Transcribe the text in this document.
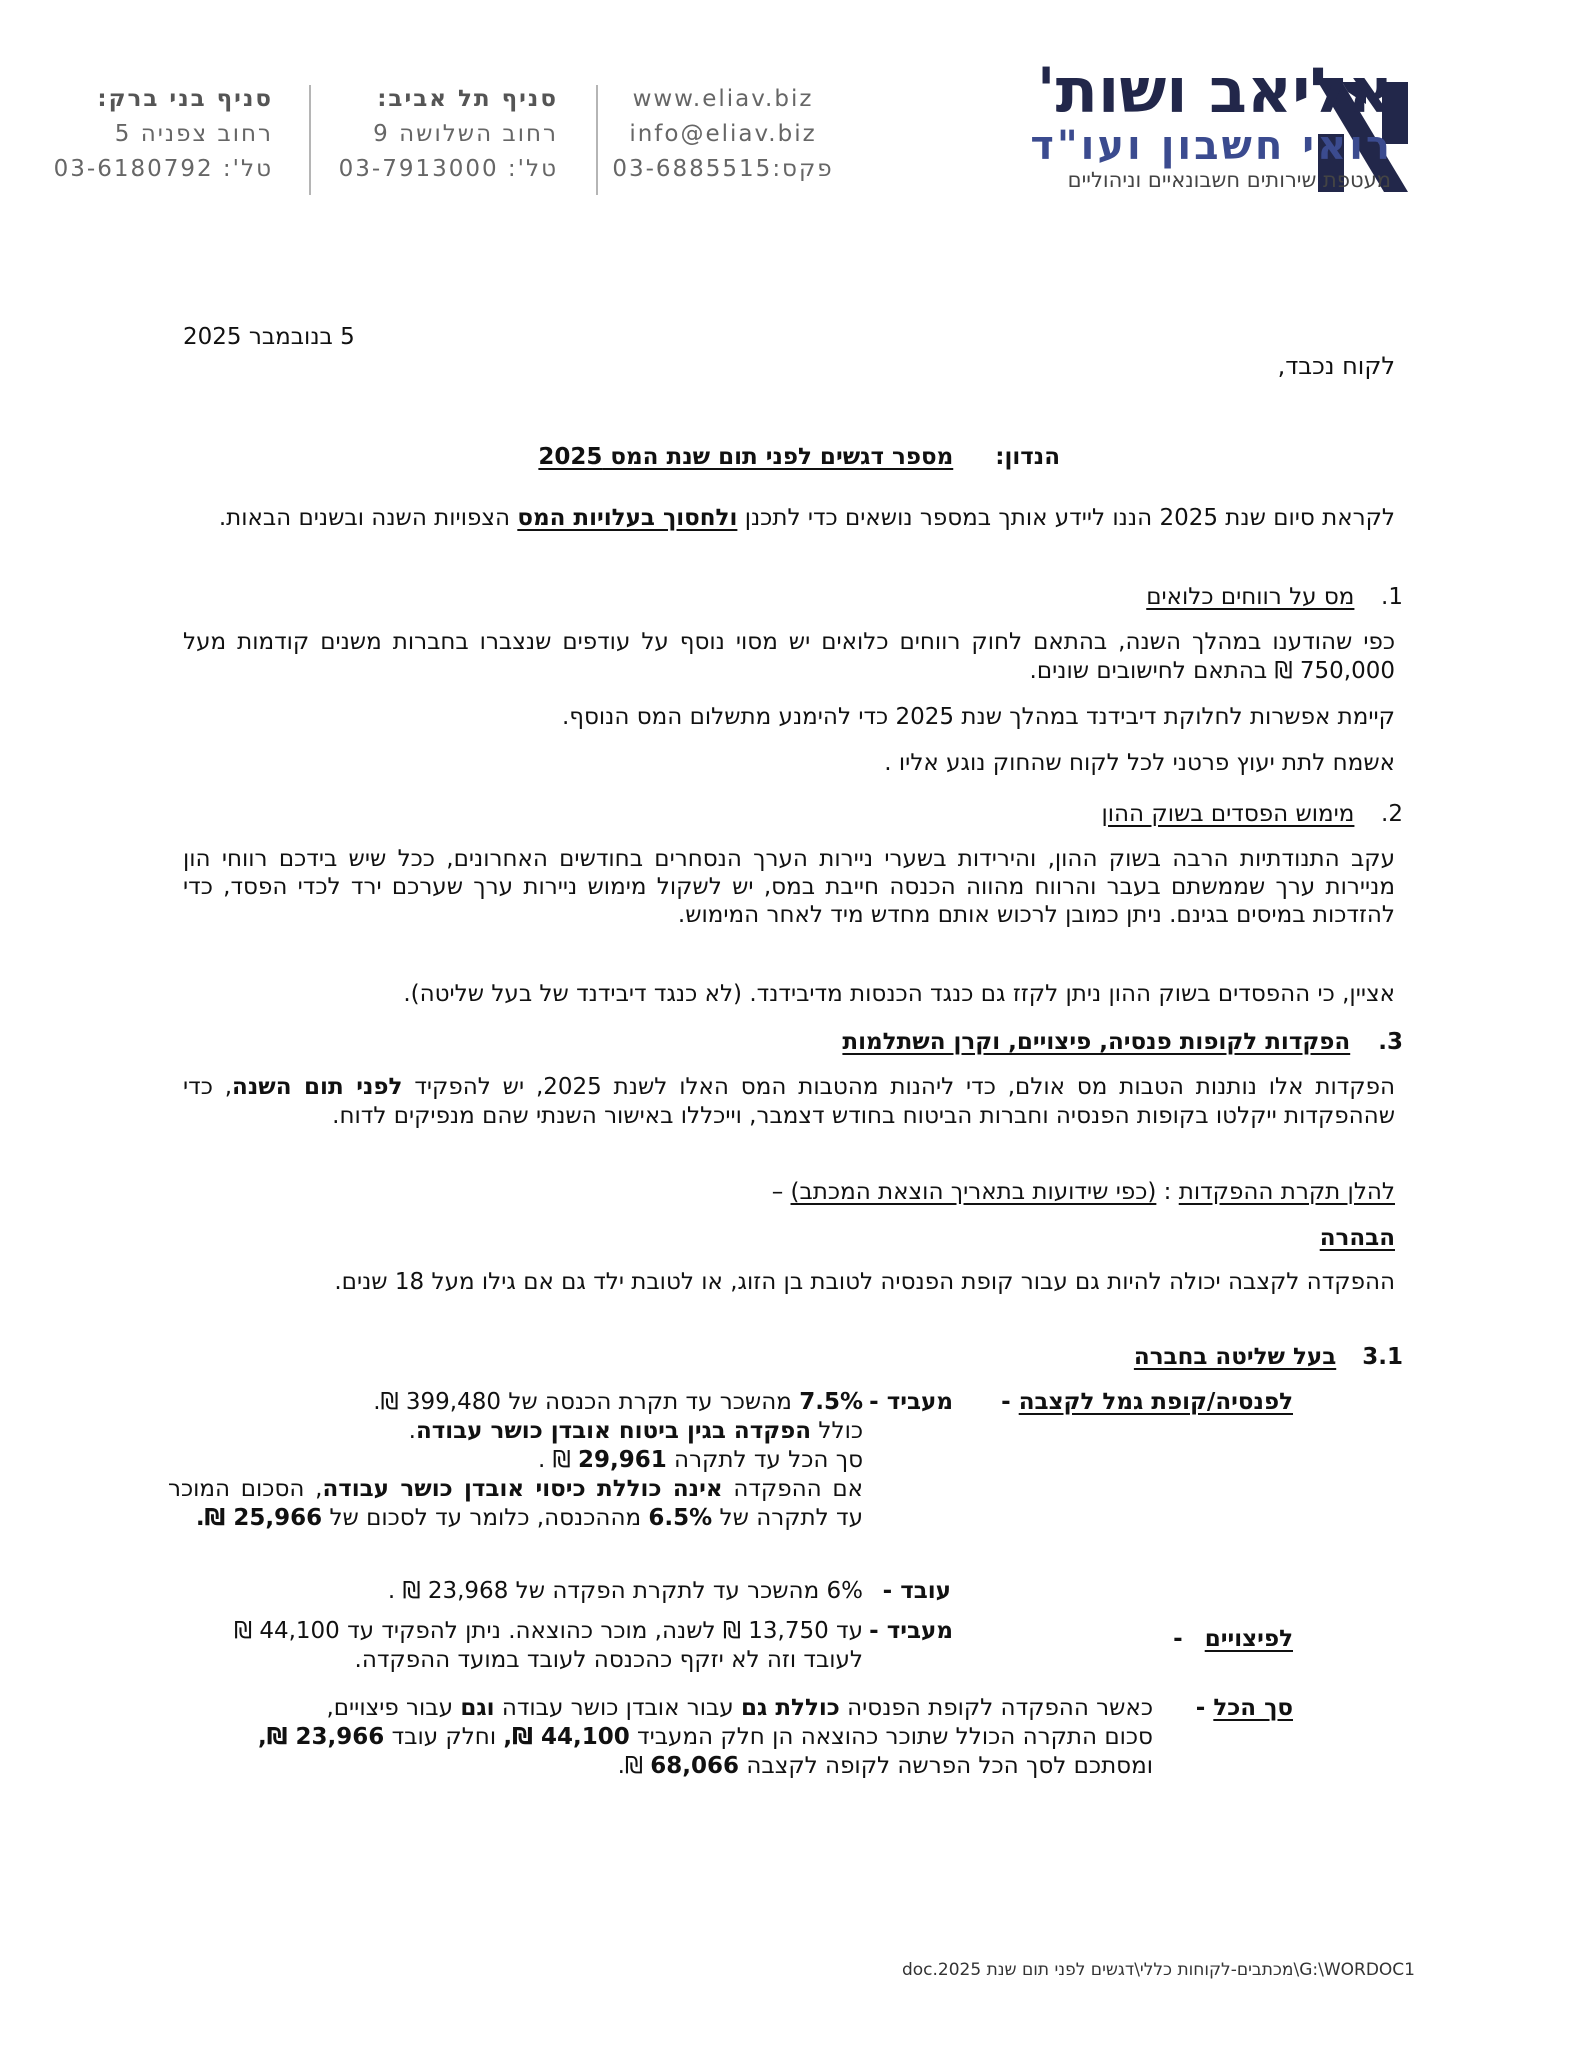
אליאב ושות'
רואי חשבון ועו"ד
מעטפת שירותים חשבונאיים וניהוליים
www.eliav.biz
info@eliav.biz
פקס:03-6885515
סניף תל אביב:
רחוב השלושה 9
טל': 03-7913000
סניף בני ברק:
רחוב צפניה 5
טל': 03-6180792
5 בנובמבר 2025
לקוח נכבד,
הנדון:  מספר דגשים לפני תום שנת המס 2025
לקראת סיום שנת 2025 הננו ליידע אותך במספר נושאים כדי לתכנן ולחסוך בעלויות המס הצפויות השנה ובשנים הבאות.
1.  מס על רווחים כלואים
כפי שהודענו במהלך השנה, בהתאם לחוק רווחים כלואים יש מסוי נוסף על עודפים שנצברו בחברות משנים קודמות מעל 750,000 ₪ בהתאם לחישובים שונים.
קיימת אפשרות לחלוקת דיבידנד במהלך שנת 2025 כדי להימנע מתשלום המס הנוסף.
אשמח לתת יעוץ פרטני לכל לקוח שהחוק נוגע אליו .
2.  מימוש הפסדים בשוק ההון
עקב התנודתיות הרבה בשוק ההון, והירידות בשערי ניירות הערך הנסחרים בחודשים האחרונים, ככל שיש בידכם רווחי הון מניירות ערך שממשתם בעבר והרווח מהווה הכנסה חייבת במס, יש לשקול מימוש ניירות ערך שערכם ירד לכדי הפסד, כדי להזדכות במיסים בגינם. ניתן כמובן לרכוש אותם מחדש מיד לאחר המימוש.
אציין, כי ההפסדים בשוק ההון ניתן לקזז גם כנגד הכנסות מדיבידנד. (לא כנגד דיבידנד של בעל שליטה).
3.  הפקדות לקופות פנסיה, פיצויים, וקרן השתלמות
הפקדות אלו נותנות הטבות מס אולם, כדי ליהנות מהטבות המס האלו לשנת 2025, יש להפקיד לפני תום השנה, כדי שההפקדות ייקלטו בקופות הפנסיה וחברות הביטוח בחודש דצמבר, וייכללו באישור השנתי שהם מנפיקים לדוח.
להלן תקרת ההפקדות : (כפי שידועות בתאריך הוצאת המכתב) –
הבהרה
ההפקדה לקצבה יכולה להיות גם עבור קופת הפנסיה לטובת בן הזוג, או לטובת ילד גם אם גילו מעל 18 שנים.
3.1  בעל שליטה בחברה
לפנסיה/קופת גמל לקצבה -
מעביד -
7.5% מהשכר עד תקרת הכנסה של 399,480 ₪.
כולל הפקדה בגין ביטוח אובדן כושר עבודה.
סך הכל עד לתקרה 29,961 ₪ .
אם ההפקדה אינה כוללת כיסוי אובדן כושר עבודה, הסכום המוכר עד לתקרה של 6.5% מההכנסה, כלומר עד לסכום של 25,966 ₪.
עובד -
6% מהשכר עד לתקרת הפקדה של 23,968 ₪ .
לפיצויים  -
מעביד -
עד 13,750 ₪ לשנה, מוכר כהוצאה. ניתן להפקיד עד 44,100 ₪
לעובד וזה לא יזקף כהכנסה לעובד במועד ההפקדה.
סך הכל -
כאשר ההפקדה לקופת הפנסיה כוללת גם עבור אובדן כושר עבודה וגם עבור פיצויים,
סכום התקרה הכולל שתוכר כהוצאה הן חלק המעביד 44,100 ₪, וחלק עובד 23,966 ₪,
ומסתכם לסך הכל הפרשה לקופה לקצבה 68,066 ₪.
G:\WORDOC1\מכתבים-לקוחות כללי\דגשים לפני תום שנת 2025.doc
